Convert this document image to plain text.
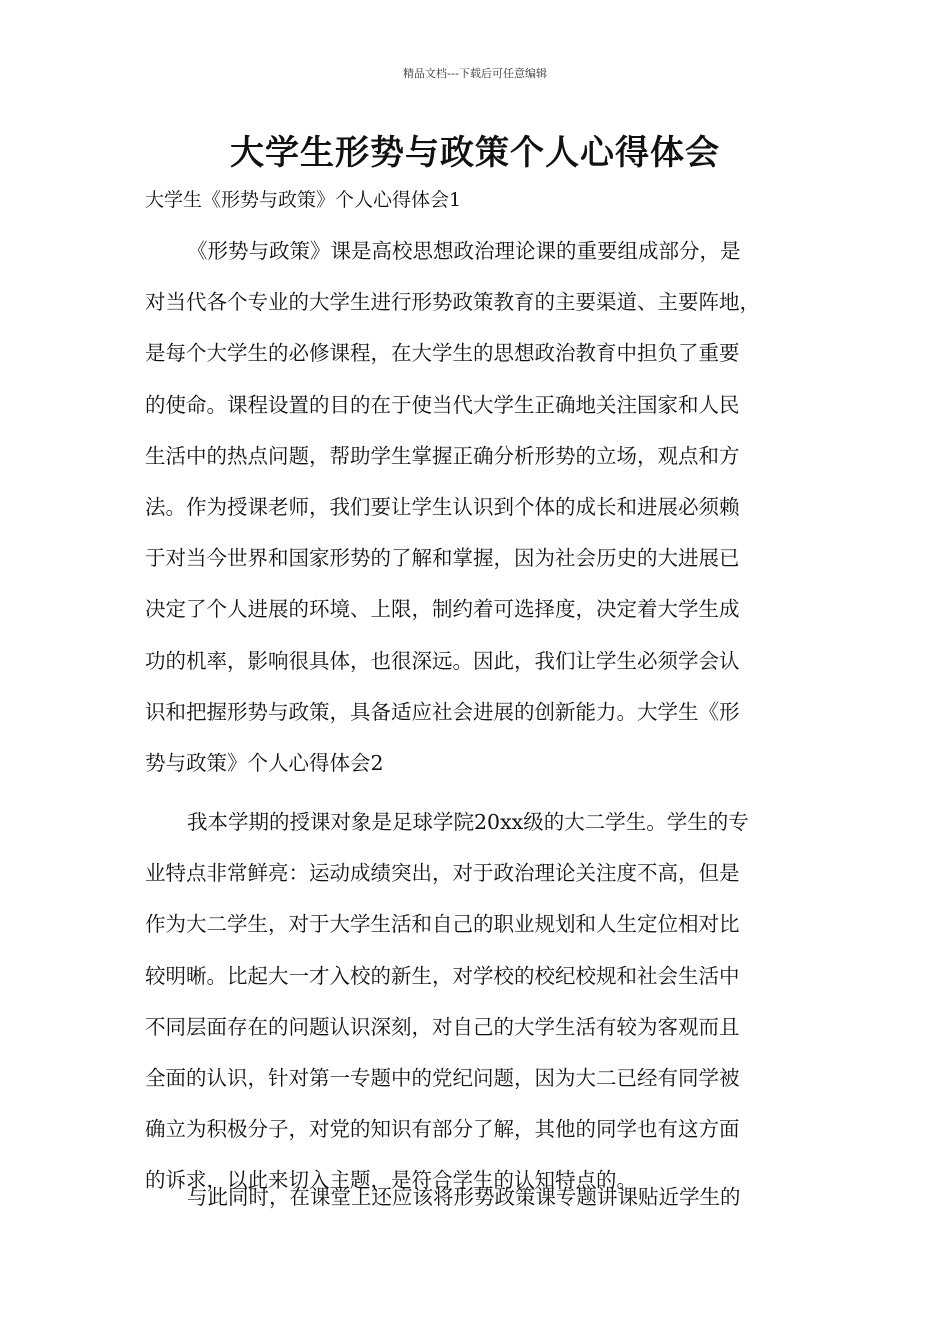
精品文档---下载后可任意编辑
大学生形势与政策个人心得体会
大学生《形势与政策》个人心得体会1
《形势与政策》课是高校思想政治理论课的重要组成部分，是
对当代各个专业的大学生进行形势政策教育的主要渠道、主要阵地，
是每个大学生的必修课程，在大学生的思想政治教育中担负了重要
的使命。课程设置的目的在于使当代大学生正确地关注国家和人民
生活中的热点问题，帮助学生掌握正确分析形势的立场，观点和方
法。作为授课老师，我们要让学生认识到个体的成长和进展必须赖
于对当今世界和国家形势的了解和掌握，因为社会历史的大进展已
决定了个人进展的环境、上限，制约着可选择度，决定着大学生成
功的机率，影响很具体，也很深远。因此，我们让学生必须学会认
识和把握形势与政策，具备适应社会进展的创新能力。大学生《形
势与政策》个人心得体会2
我本学期的授课对象是足球学院20xx级的大二学生。学生的专
业特点非常鲜亮：运动成绩突出，对于政治理论关注度不高，但是
作为大二学生，对于大学生活和自己的职业规划和人生定位相对比
较明晰。比起大一才入校的新生，对学校的校纪校规和社会生活中
不同层面存在的问题认识深刻，对自己的大学生活有较为客观而且
全面的认识，针对第一专题中的党纪问题，因为大二已经有同学被
确立为积极分子，对党的知识有部分了解，其他的同学也有这方面
的诉求，以此来切入主题，是符合学生的认知特点的。
与此同时，在课堂上还应该将形势政策课专题讲课贴近学生的
